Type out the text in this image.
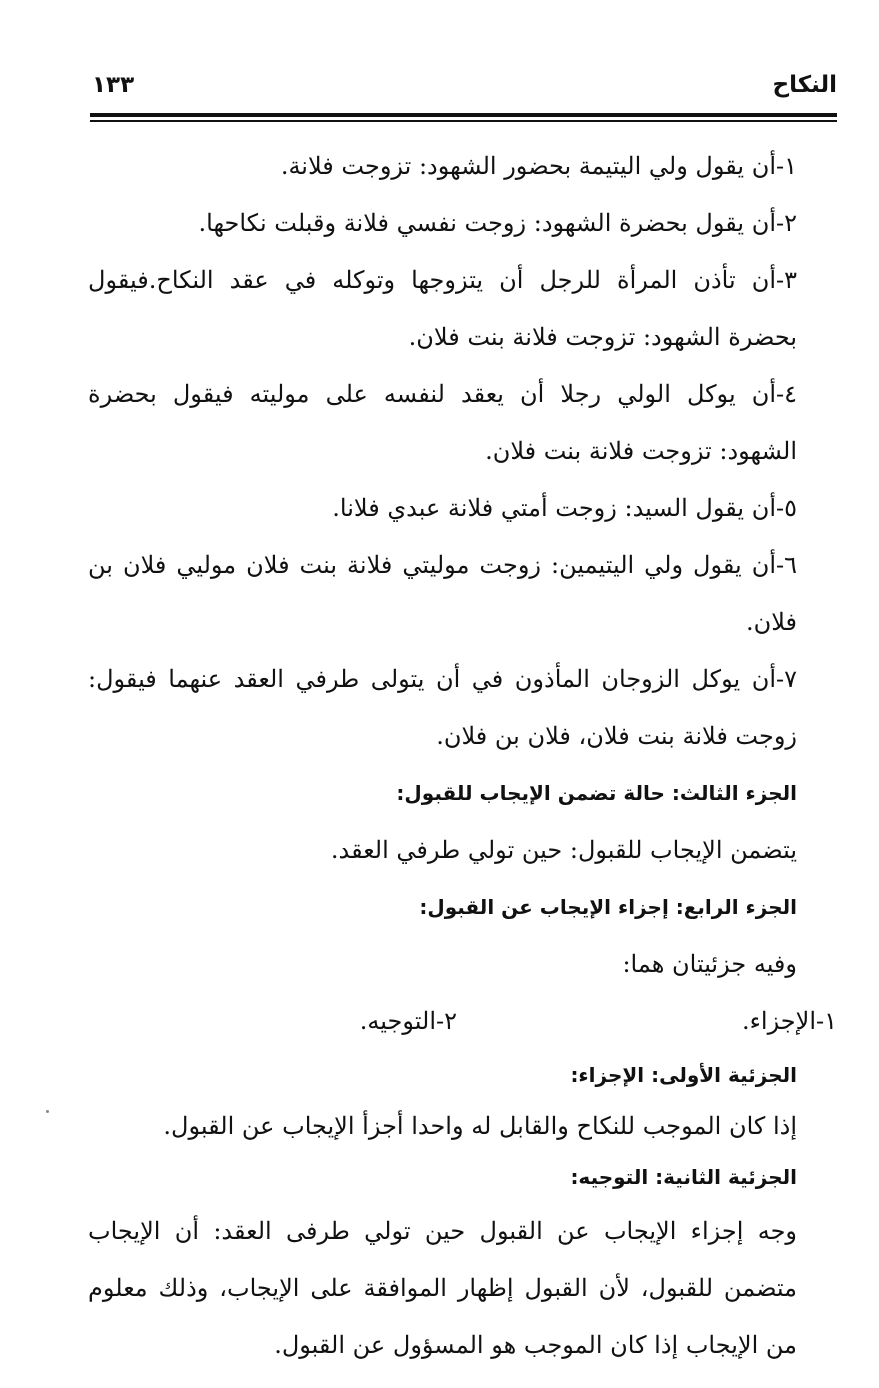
النكاح
١٣٣

١-أن يقول ولي اليتيمة بحضور الشهود: تزوجت فلانة.

٢-أن يقول بحضرة الشهود: زوجت نفسي فلانة وقبلت نكاحها.

٣-أن تأذن المرأة للرجل أن يتزوجها وتوكله في عقد النكاح.فيقول بحضرة الشهود: تزوجت فلانة بنت فلان.

٤-أن يوكل الولي رجلا أن يعقد لنفسه على موليته فيقول بحضرة الشهود: تزوجت فلانة بنت فلان.

٥-أن يقول السيد: زوجت أمتي فلانة عبدي فلانا.

٦-أن يقول ولي اليتيمين: زوجت موليتي فلانة بنت فلان موليي فلان بن فلان.

٧-أن يوكل الزوجان المأذون في أن يتولى طرفي العقد عنهما فيقول: زوجت فلانة بنت فلان، فلان بن فلان.

الجزء الثالث: حالة تضمن الإيجاب للقبول:

يتضمن الإيجاب للقبول: حين تولي طرفي العقد.

الجزء الرابع: إجزاء الإيجاب عن القبول:

وفيه جزئيتان هما:

١-الإجزاء.
٢-التوجيه.

الجزئية الأولى: الإجزاء:

إذا كان الموجب للنكاح والقابل له واحدا أجزأ الإيجاب عن القبول.

الجزئية الثانية: التوجيه:

وجه إجزاء الإيجاب عن القبول حين تولي طرفى العقد: أن الإيجاب متضمن للقبول، لأن القبول إظهار الموافقة على الإيجاب، وذلك معلوم من الإيجاب إذا كان الموجب هو المسؤول عن القبول.
